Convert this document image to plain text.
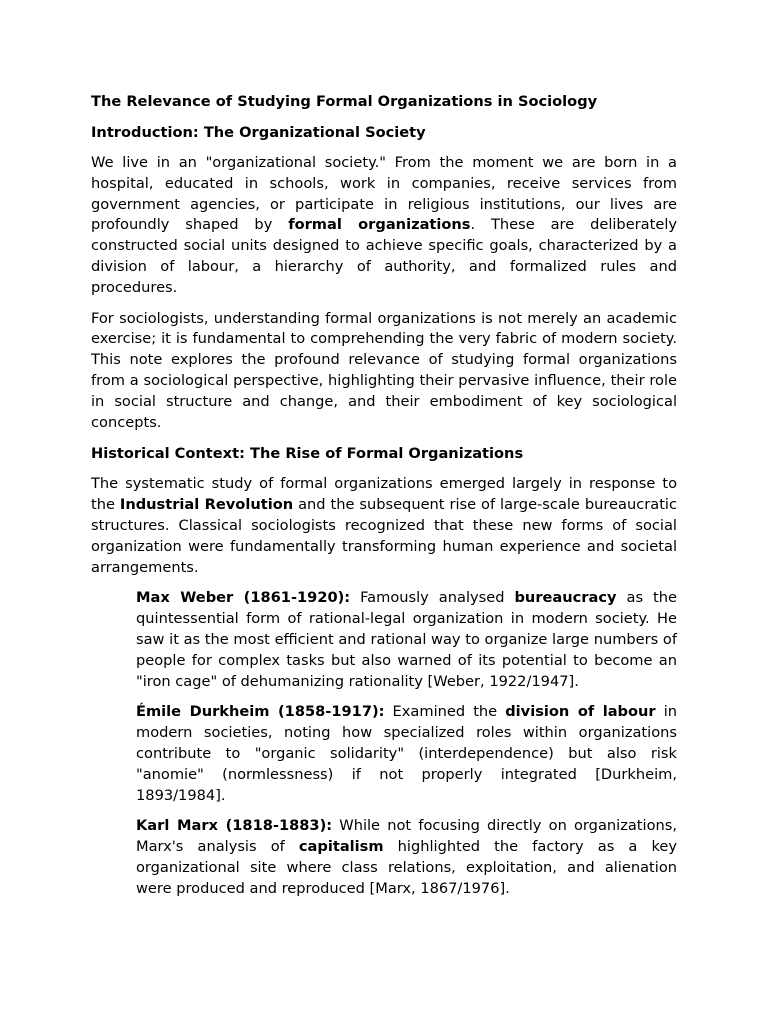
The Relevance of Studying Formal Organizations in Sociology
Introduction: The Organizational Society

We live in an "organizational society." From the moment we are born in a hospital, educated in schools, work in companies, receive services from government agencies, or participate in religious institutions, our lives are profoundly shaped by formal organizations. These are deliberately constructed social units designed to achieve specific goals, characterized by a division of labour, a hierarchy of authority, and formalized rules and procedures.

For sociologists, understanding formal organizations is not merely an academic exercise; it is fundamental to comprehending the very fabric of modern society. This note explores the profound relevance of studying formal organizations from a sociological perspective, highlighting their pervasive influence, their role in social structure and change, and their embodiment of key sociological concepts.

Historical Context: The Rise of Formal Organizations

The systematic study of formal organizations emerged largely in response to the Industrial Revolution and the subsequent rise of large-scale bureaucratic structures. Classical sociologists recognized that these new forms of social organization were fundamentally transforming human experience and societal arrangements.

Max Weber (1861-1920): Famously analysed bureaucracy as the quintessential form of rational-legal organization in modern society. He saw it as the most efficient and rational way to organize large numbers of people for complex tasks but also warned of its potential to become an "iron cage" of dehumanizing rationality [Weber, 1922/1947].

Émile Durkheim (1858-1917): Examined the division of labour in modern societies, noting how specialized roles within organizations contribute to "organic solidarity" (interdependence) but also risk "anomie" (normlessness) if not properly integrated [Durkheim, 1893/1984].

Karl Marx (1818-1883): While not focusing directly on organizations, Marx's analysis of capitalism highlighted the factory as a key organizational site where class relations, exploitation, and alienation were produced and reproduced [Marx, 1867/1976].
